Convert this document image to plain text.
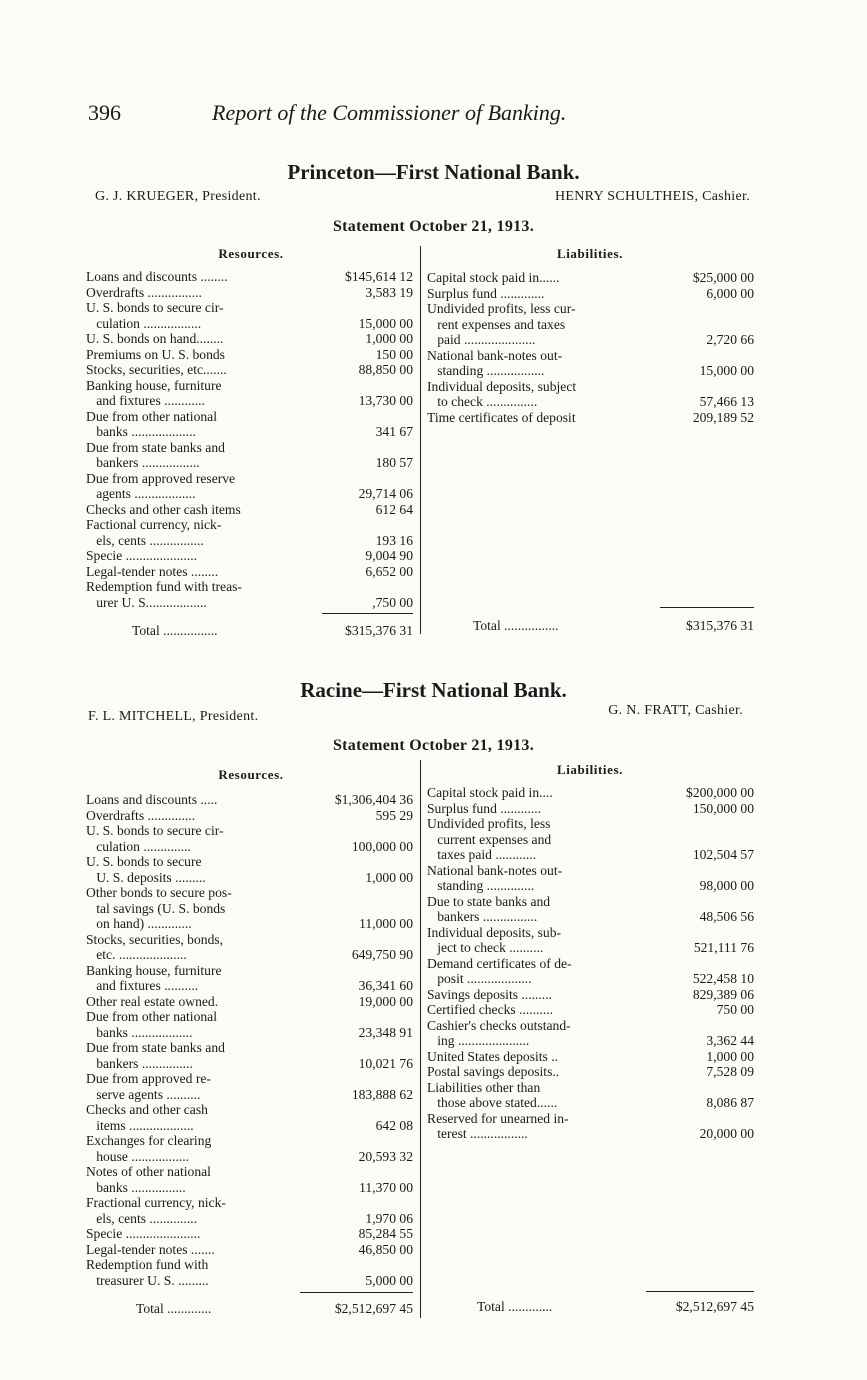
396	Report of the Commissioner of Banking.
Princeton—First National Bank.
G. J. KRUEGER, President.	HENRY SCHULTHEIS, Cashier.
Statement October 21, 1913.
Resources.	Liabilities.
Loans and discounts ........	$145,614 12
Overdrafts ................	3,583 19
U. S. bonds to secure cir-
culation .................	15,000 00
U. S. bonds on hand........	1,000 00
Premiums on U. S. bonds	150 00
Stocks, securities, etc.......	88,850 00
Banking house, furniture
and fixtures ............	13,730 00
Due from other national
banks ...................	341 67
Due from state banks and
bankers .................	180 57
Due from approved reserve
agents ..................	29,714 06
Checks and other cash items	612 64
Factional currency, nick-
els, cents ................	193 16
Specie .....................	9,004 90
Legal-tender notes ........	6,652 00
Redemption fund with treas-
urer U. S..................	,750 00
Capital stock paid in......	$25,000 00
Surplus fund .............	6,000 00
Undivided profits, less cur-
rent expenses and taxes
paid .....................	2,720 66
National bank-notes out-
standing .................	15,000 00
Individual deposits, subject
to check ...............	57,466 13
Time certificates of deposit	209,189 52
Total ................	$315,376 31	Total ................	$315,376 31
Racine—First National Bank.
F. L. MITCHELL, President.	G. N. FRATT, Cashier.
Statement October 21, 1913.
Resources.	Liabilities.
Loans and discounts .....	$1,306,404 36
Overdrafts ..............	595 29
U. S. bonds to secure cir-
culation ..............	100,000 00
U. S. bonds to secure
U. S. deposits .........	1,000 00
Other bonds to secure pos-
tal savings (U. S. bonds
on hand) .............	11,000 00
Stocks, securities, bonds,
etc. ....................	649,750 90
Banking house, furniture
and fixtures ..........	36,341 60
Other real estate owned.	19,000 00
Due from other national
banks ..................	23,348 91
Due from state banks and
bankers ...............	10,021 76
Due from approved re-
serve agents ..........	183,888 62
Checks and other cash
items ...................	642 08
Exchanges for clearing
house .................	20,593 32
Notes of other national
banks ................	11,370 00
Fractional currency, nick-
els, cents ..............	1,970 06
Specie ......................	85,284 55
Legal-tender notes .......	46,850 00
Redemption fund with
treasurer U. S. .........	5,000 00
Capital stock paid in....	$200,000 00
Surplus fund ............	150,000 00
Undivided profits, less
current expenses and
taxes paid ............	102,504 57
National bank-notes out-
standing ..............	98,000 00
Due to state banks and
bankers ................	48,506 56
Individual deposits, sub-
ject to check ..........	521,111 76
Demand certificates of de-
posit ...................	522,458 10
Savings deposits .........	829,389 06
Certified checks ..........	750 00
Cashier's checks outstand-
ing .....................	3,362 44
United States deposits ..	1,000 00
Postal savings deposits..	7,528 09
Liabilities other than
those above stated......	8,086 87
Reserved for unearned in-
terest .................	20,000 00
Total .............	$2,512,697 45	Total .............	$2,512,697 45
